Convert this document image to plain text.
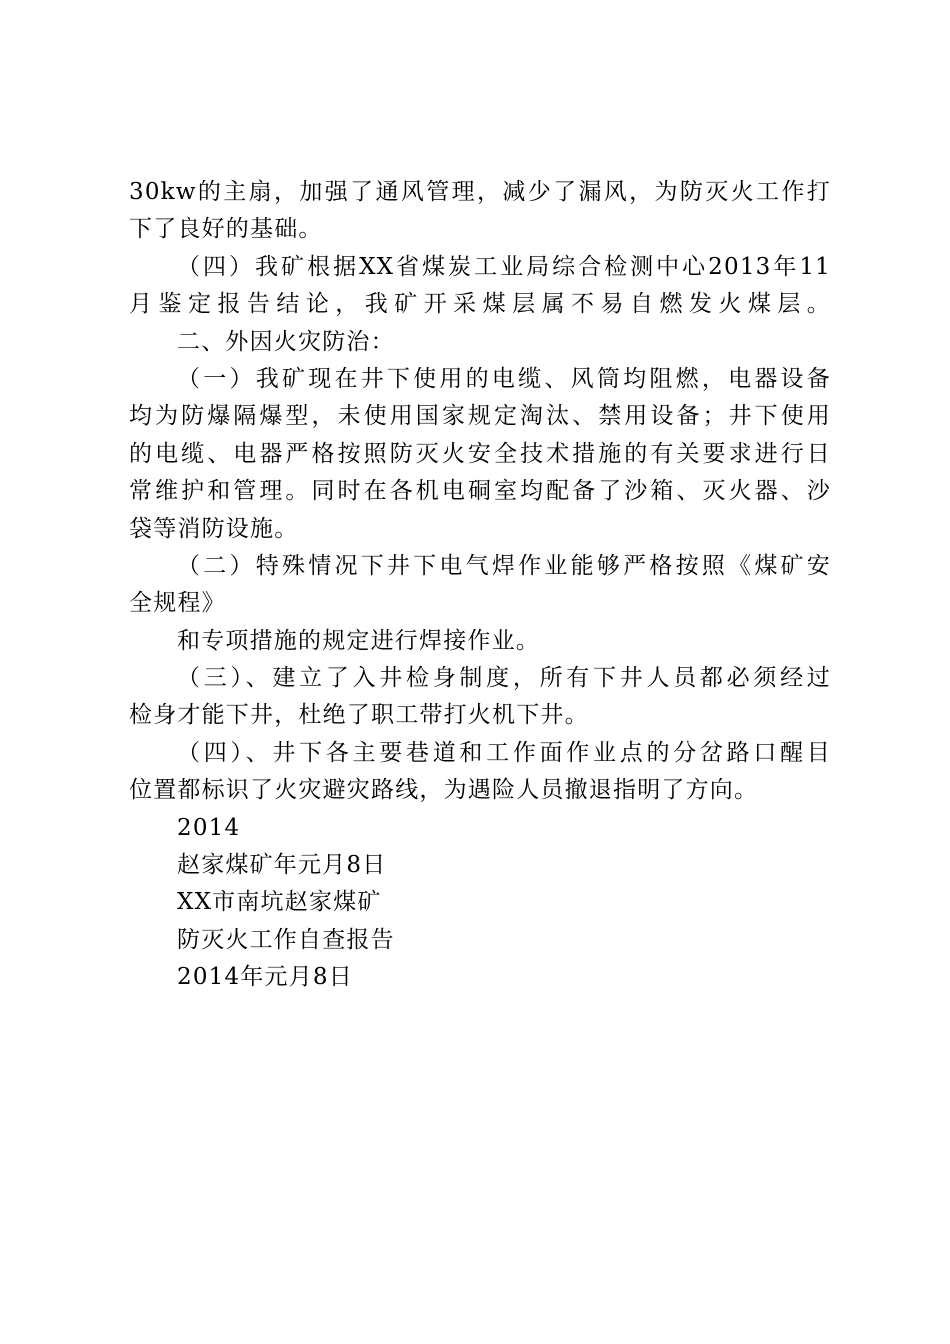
30kw的主扇，加强了通风管理，减少了漏风，为防灭火工作打
下了良好的基础。
（四）我矿根据XX省煤炭工业局综合检测中心2013年11
月鉴定报告结论，我矿开采煤层属不易自燃发火煤层。
二、外因火灾防治：
（一）我矿现在井下使用的电缆、风筒均阻燃，电器设备
均为防爆隔爆型，未使用国家规定淘汰、禁用设备；井下使用
的电缆、电器严格按照防灭火安全技术措施的有关要求进行日
常维护和管理。同时在各机电硐室均配备了沙箱、灭火器、沙
袋等消防设施。
（二）特殊情况下井下电气焊作业能够严格按照《煤矿安
全规程》
和专项措施的规定进行焊接作业。
（三）、建立了入井检身制度，所有下井人员都必须经过
检身才能下井，杜绝了职工带打火机下井。
（四）、井下各主要巷道和工作面作业点的分岔路口醒目
位置都标识了火灾避灾路线，为遇险人员撤退指明了方向。
2014
赵家煤矿年元月8日
XX市南坑赵家煤矿
防灭火工作自查报告
2014年元月8日
